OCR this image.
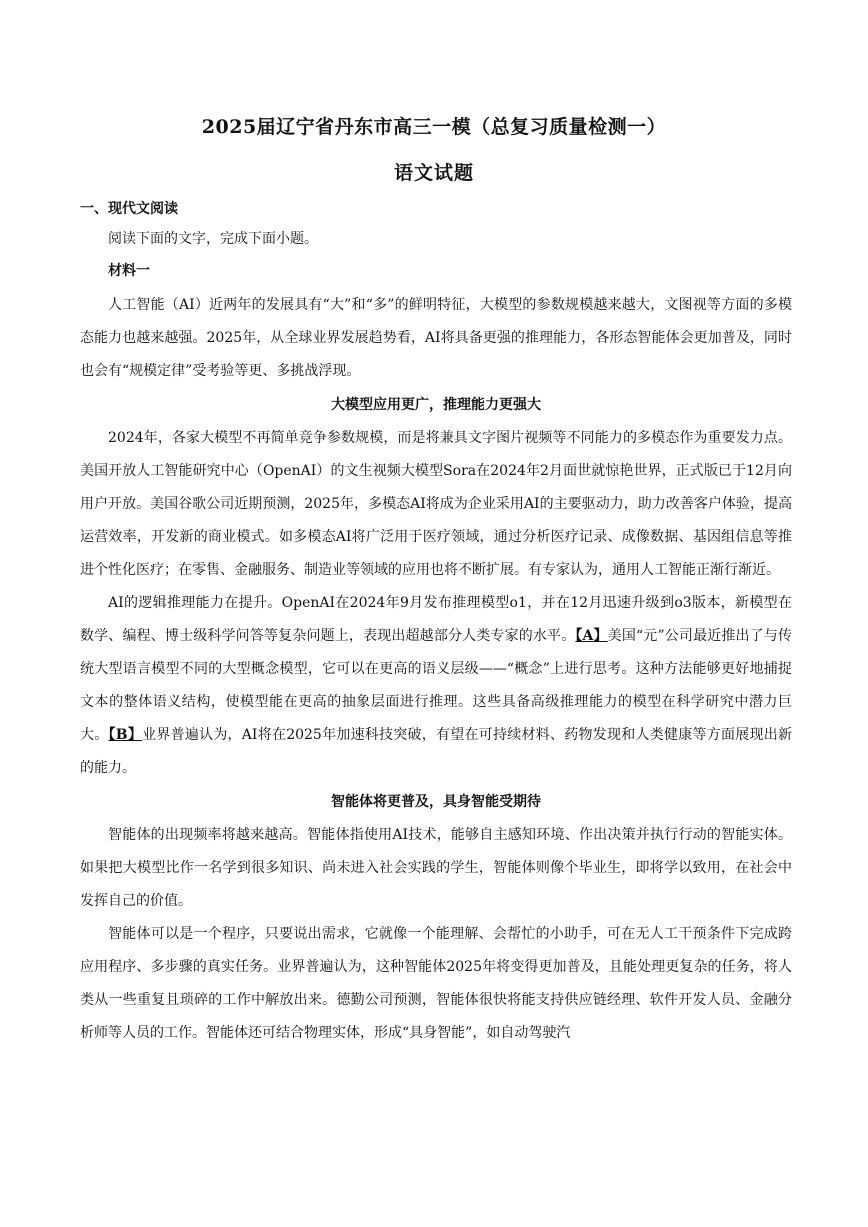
2025届辽宁省丹东市高三一模（总复习质量检测一）
语文试题

一、现代文阅读

阅读下面的文字，完成下面小题。

材料一

人工智能（AI）近两年的发展具有“大”和“多”的鲜明特征，大模型的参数规模越来越大，文图视等方面的多模态能力也越来越强。2025年，从全球业界发展趋势看，AI将具备更强的推理能力，各形态智能体会更加普及，同时也会有“规模定律”受考验等更、多挑战浮现。

大模型应用更广，推理能力更强大

2024年，各家大模型不再简单竞争参数规模，而是将兼具文字图片视频等不同能力的多模态作为重要发力点。美国开放人工智能研究中心（OpenAI）的文生视频大模型Sora在2024年2月面世就惊艳世界，正式版已于12月向用户开放。美国谷歌公司近期预测，2025年，多模态AI将成为企业采用AI的主要驱动力，助力改善客户体验，提高运营效率，开发新的商业模式。如多模态AI将广泛用于医疗领域，通过分析医疗记录、成像数据、基因组信息等推进个性化医疗；在零售、金融服务、制造业等领域的应用也将不断扩展。有专家认为，通用人工智能正渐行渐近。

AI的逻辑推理能力在提升。OpenAI在2024年9月发布推理模型o1，并在12月迅速升级到o3版本，新模型在数学、编程、博士级科学问答等复杂问题上，表现出超越部分人类专家的水平。【A】美国“元”公司最近推出了与传统大型语言模型不同的大型概念模型，它可以在更高的语义层级——“概念”上进行思考。这种方法能够更好地捕捉文本的整体语义结构，使模型能在更高的抽象层面进行推理。这些具备高级推理能力的模型在科学研究中潜力巨大。【B】业界普遍认为，AI将在2025年加速科技突破，有望在可持续材料、药物发现和人类健康等方面展现出新的能力。

智能体将更普及，具身智能受期待

智能体的出现频率将越来越高。智能体指使用AI技术，能够自主感知环境、作出决策并执行行动的智能实体。如果把大模型比作一名学到很多知识、尚未进入社会实践的学生，智能体则像个毕业生，即将学以致用，在社会中发挥自己的价值。

智能体可以是一个程序，只要说出需求，它就像一个能理解、会帮忙的小助手，可在无人工干预条件下完成跨应用程序、多步骤的真实任务。业界普遍认为，这种智能体2025年将变得更加普及，且能处理更复杂的任务，将人类从一些重复且琐碎的工作中解放出来。德勤公司预测，智能体很快将能支持供应链经理、软件开发人员、金融分析师等人员的工作。智能体还可结合物理实体，形成“具身智能”，如自动驾驶汽
